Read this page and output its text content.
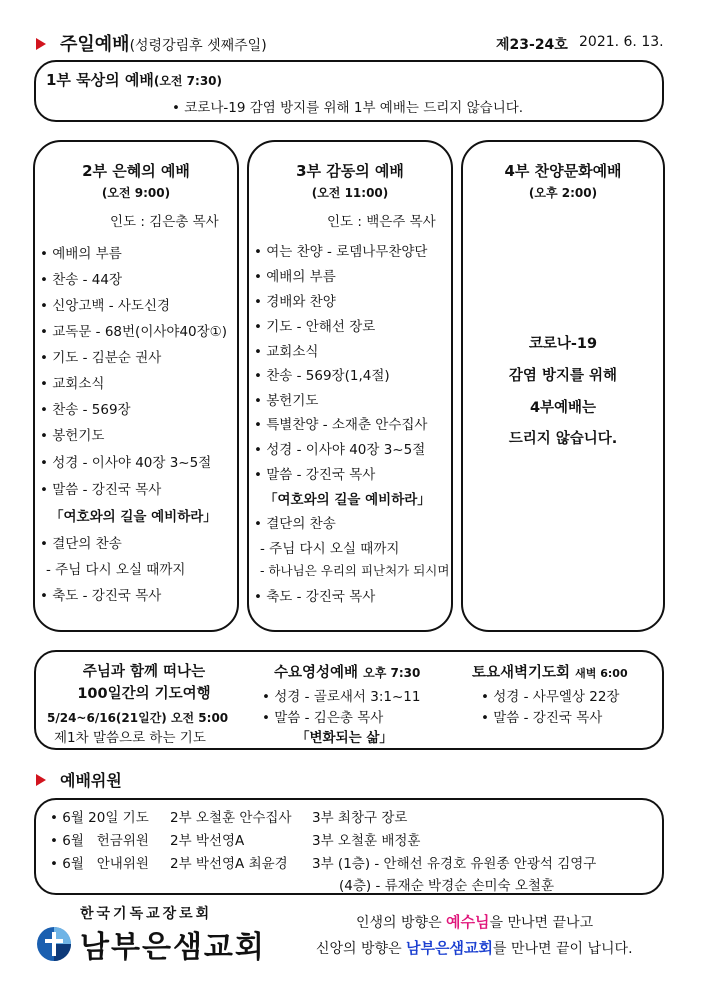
주일예배(성령강림후 셋째주일)	제23-24호 2021. 6. 13.
1부 묵상의 예배(오전 7:30)
• 코로나-19 감염 방지를 위해 1부 예배는 드리지 않습니다.
2부 은혜의 예배
(오전 9:00)
인도 : 김은총 목사
• 예배의 부름
• 찬송 - 44장
• 신앙고백 - 사도신경
• 교독문 - 68번(이사야40장①)
• 기도 - 김분순 권사
• 교회소식
• 찬송 - 569장
• 봉헌기도
• 성경 - 이사야 40장 3~5절
• 말씀 - 강진국 목사
「여호와의 길을 예비하라」
• 결단의 찬송
- 주님 다시 오실 때까지
• 축도 - 강진국 목사
3부 감동의 예배
(오전 11:00)
인도 : 백은주 목사
• 여는 찬양 - 로뎀나무찬양단
• 예배의 부름
• 경배와 찬양
• 기도 - 안해선 장로
• 교회소식
• 찬송 - 569장(1,4절)
• 봉헌기도
• 특별찬양 - 소재춘 안수집사
• 성경 - 이사야 40장 3~5절
• 말씀 - 강진국 목사
「여호와의 길을 예비하라」
• 결단의 찬송
- 주님 다시 오실 때까지
- 하나님은 우리의 피난처가 되시며
• 축도 - 강진국 목사
4부 찬양문화예배
(오후 2:00)
코로나-19
감염 방지를 위해
4부예배는
드리지 않습니다.
주님과 함께 떠나는
100일간의 기도여행
5/24~6/16(21일간) 오전 5:00
제1차 말씀으로 하는 기도
수요영성예배 오후 7:30
• 성경 - 골로새서 3:1~11
• 말씀 - 김은총 목사
「변화되는 삶」
토요새벽기도회 새벽 6:00
• 성경 - 사무엘상 22장
• 말씀 - 강진국 목사
예배위원
• 6월 20일 기도 2부 오철훈 안수집사 3부 최창구 장로
• 6월   헌금위원 2부 박선영A	3부 오철훈 배정훈
• 6월   안내위원 2부 박선영A 최윤경 3부 (1층) - 안해선 유경호 유원종 안광석 김영구
(4층) - 류재순 박경순 손미숙 오철훈
한국기독교장로회
남부은샘교회
인생의 방향은 예수님을 만나면 끝나고
신앙의 방향은 남부은샘교회를 만나면 끝이 납니다.
